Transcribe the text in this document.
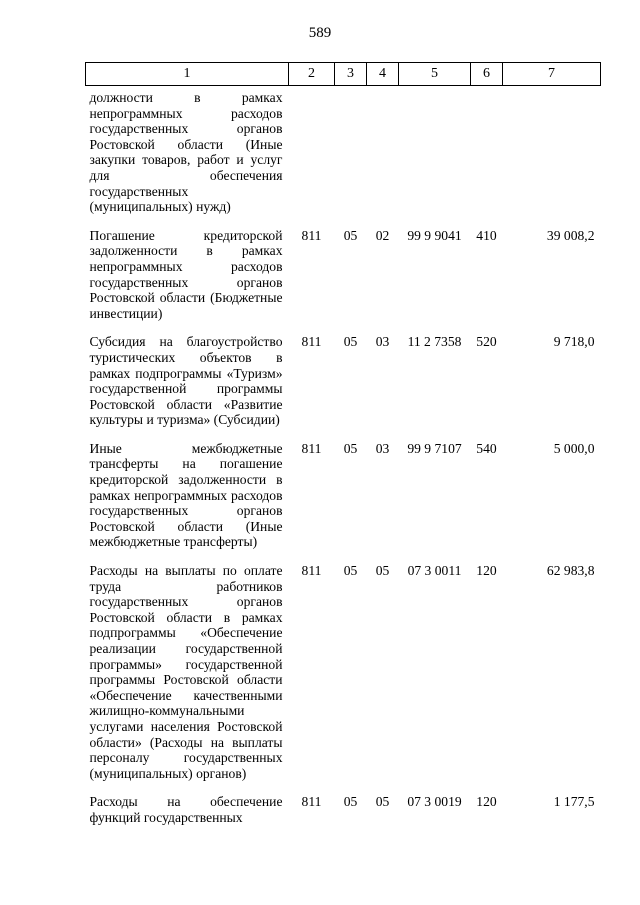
589
1	2	3	4	5	6	7
должности в рамках непрограммных расходов государственных органов Ростовской области (Иные закупки товаров, работ и услуг для обеспечения государственных (муниципальных) нужд)						
Погашение кредиторской задолженности в рамках непрограммных расходов государственных органов Ростовской области (Бюджетные инвестиции)	811	05	02	99 9 9041	410	39 008,2
Субсидия на благоустройство туристических объектов в рамках подпрограммы «Туризм» государственной программы Ростовской области «Развитие культуры и туризма» (Субсидии)	811	05	03	11 2 7358	520	9 718,0
Иные межбюджетные трансферты на погашение кредиторской задолженности в рамках непрограммных расходов государственных органов Ростовской области (Иные межбюджетные трансферты)	811	05	03	99 9 7107	540	5 000,0
Расходы на выплаты по оплате труда работников государственных органов Ростовской области в рамках подпрограммы «Обеспечение реализации государственной программы» государственной программы Ростовской области «Обеспечение качественными жилищно-коммунальными услугами населения Ростовской области» (Расходы на выплаты персоналу государственных (муниципальных) органов)	811	05	05	07 3 0011	120	62 983,8
Расходы на обеспечение функций государственных	811	05	05	07 3 0019	120	1 177,5
